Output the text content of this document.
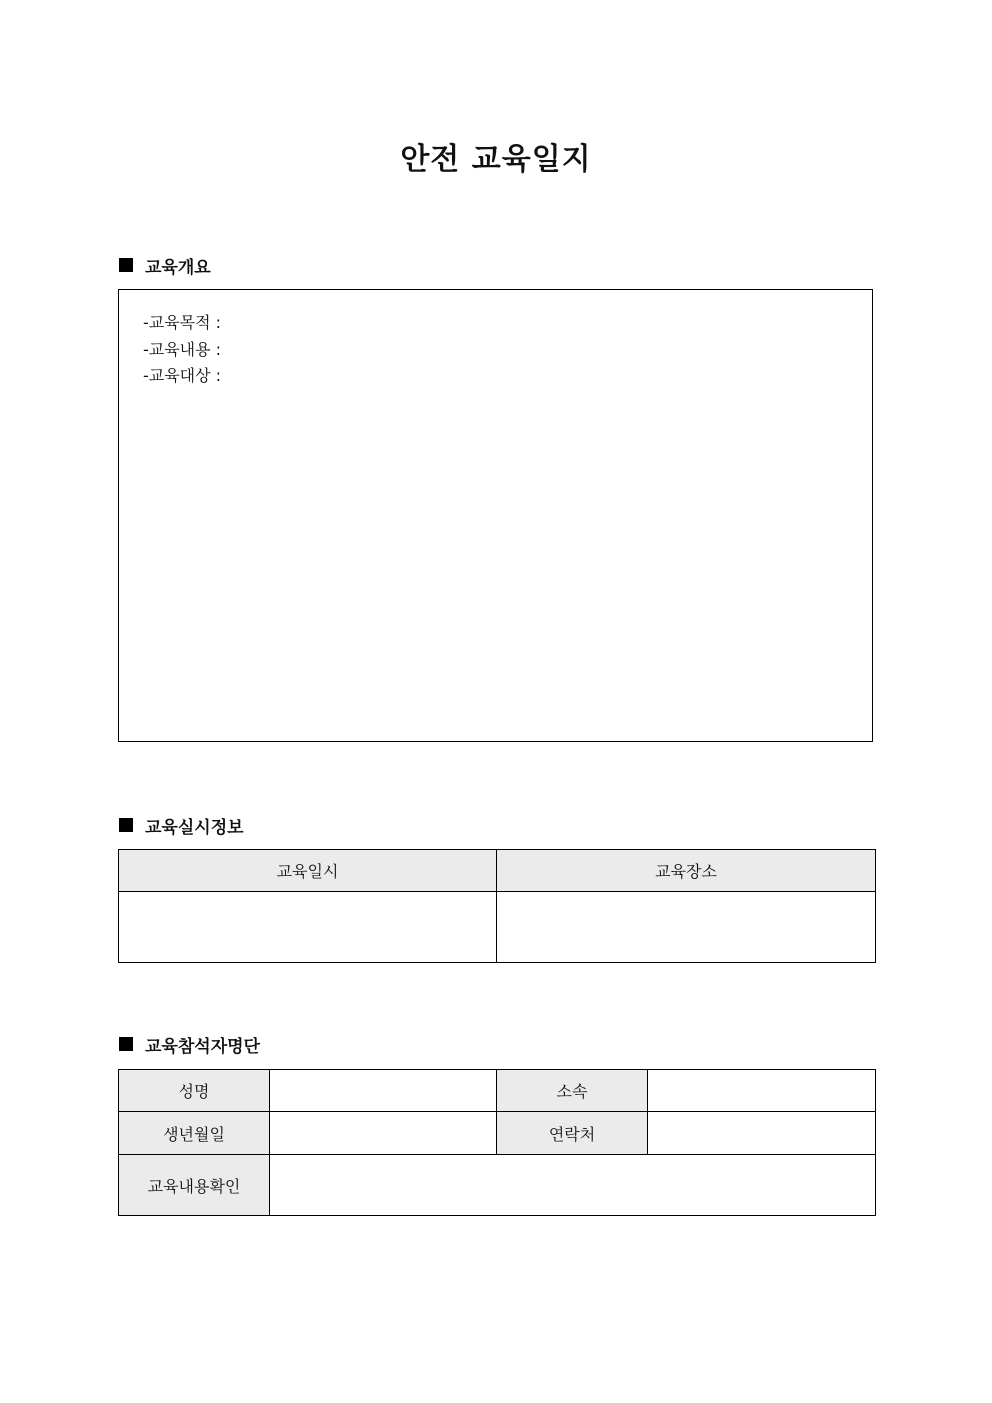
안전 교육일지
교육개요
-교육목적 :
-교육내용 :
-교육대상 :
교육실시정보
교육일시	교육장소

교육참석자명단
성명		소속	
생년월일		연락처	
교육내용확인			
